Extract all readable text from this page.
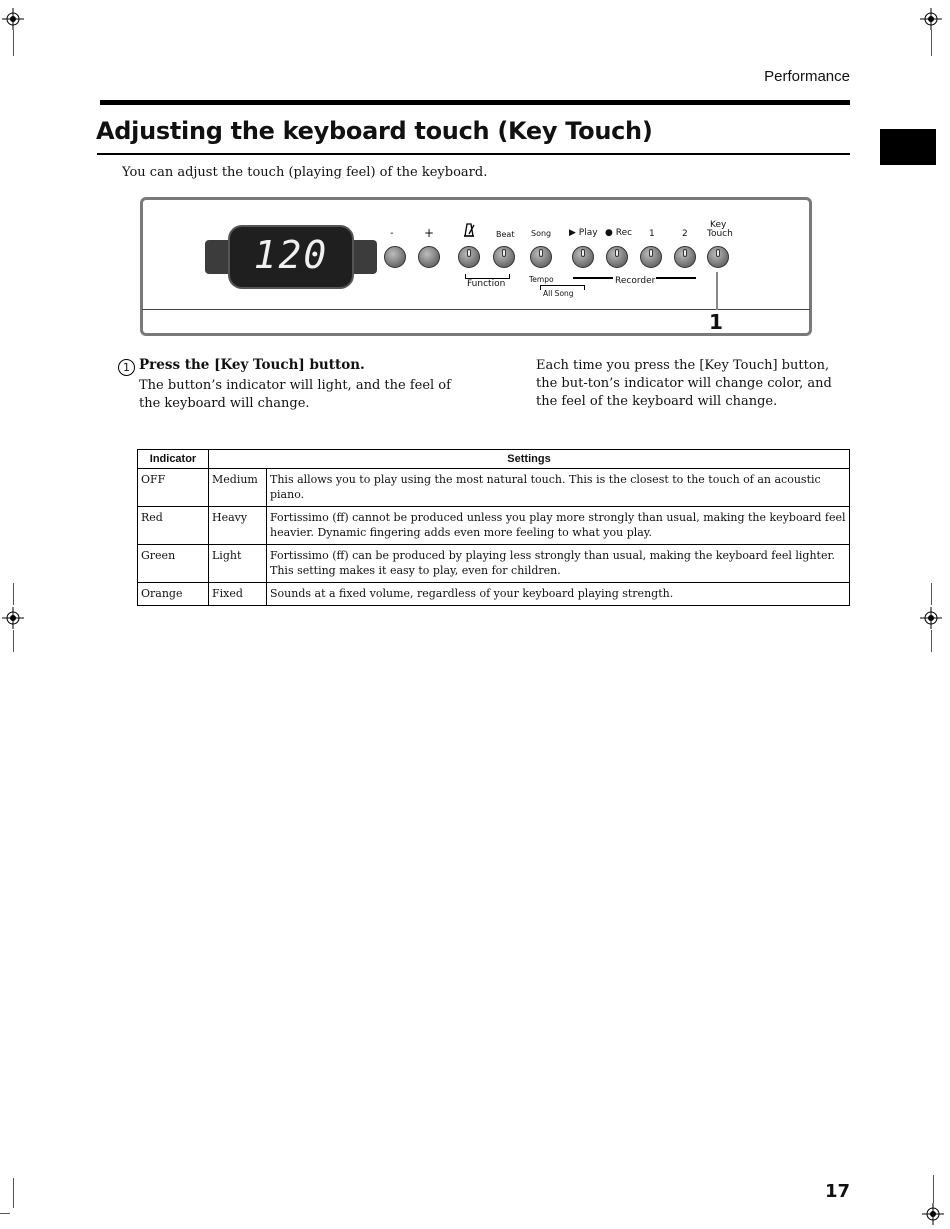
Performance
Adjusting the keyboard touch (Key Touch)
You can adjust the touch (playing feel) of the keyboard.
120	-	+	Beat Song ▶ Play ● Rec 1	2
Key
Touch
Function	Tempo
All Song
Recorder
1
1 Press the [Key Touch] button.
The button’s indicator will light, and the feel of the keyboard will change.
Each time you press the [Key Touch] button, the but-ton’s indicator will change color, and the feel of the keyboard will change.
Indicator	Settings	
OFF	Medium	This allows you to play using the most natural touch. This is the closest to the touch of an acoustic piano.
Red	Heavy	Fortissimo (ff) cannot be produced unless you play more strongly than usual, making the keyboard feel heavier. Dynamic fingering adds even more feeling to what you play.
Green	Light	Fortissimo (ff) can be produced by playing less strongly than usual, making the keyboard feel lighter. This setting makes it easy to play, even for children.
Orange	Fixed	Sounds at a fixed volume, regardless of your keyboard playing strength.
17
